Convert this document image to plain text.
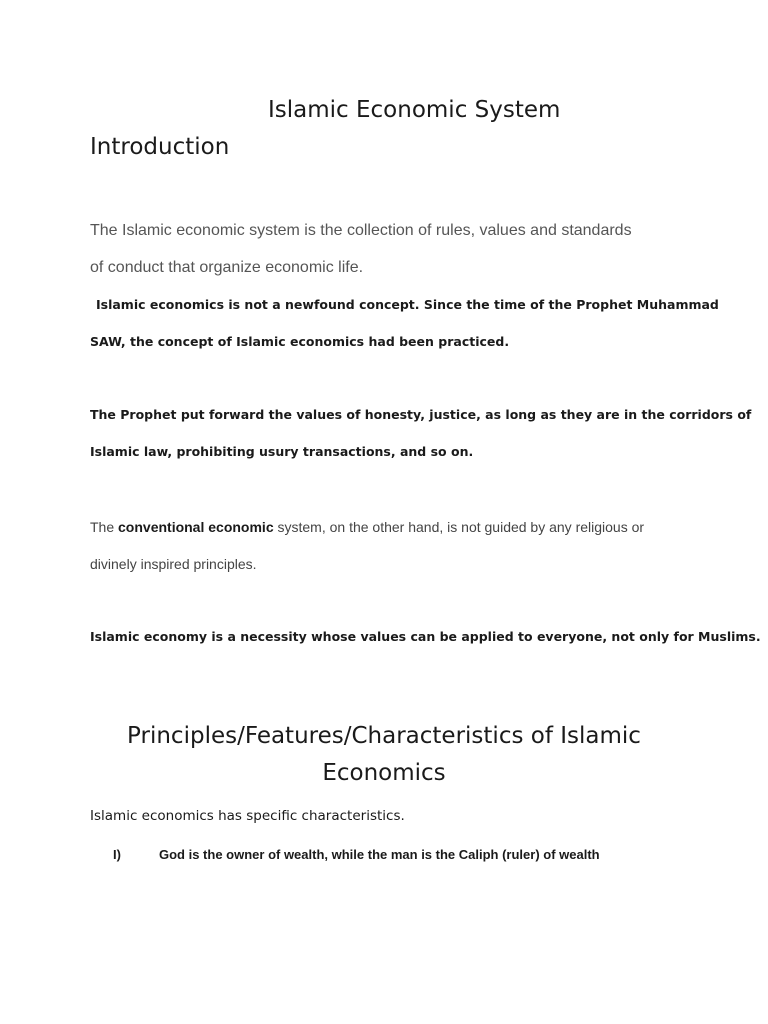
Islamic Economic System
Introduction
The Islamic economic system is the collection of rules, values and standards
of conduct that organize economic life.
Islamic economics is not a newfound concept. Since the time of the Prophet Muhammad
SAW, the concept of Islamic economics had been practiced.
The Prophet put forward the values of honesty, justice, as long as they are in the corridors of
Islamic law, prohibiting usury transactions, and so on.
The conventional economic system, on the other hand, is not guided by any religious or
divinely inspired principles.
Islamic economy is a necessity whose values can be applied to everyone, not only for Muslims.
Principles/Features/Characteristics of Islamic
Economics
Islamic economics has specific characteristics.
I)	God is the owner of wealth, while the man is the Caliph (ruler) of wealth
